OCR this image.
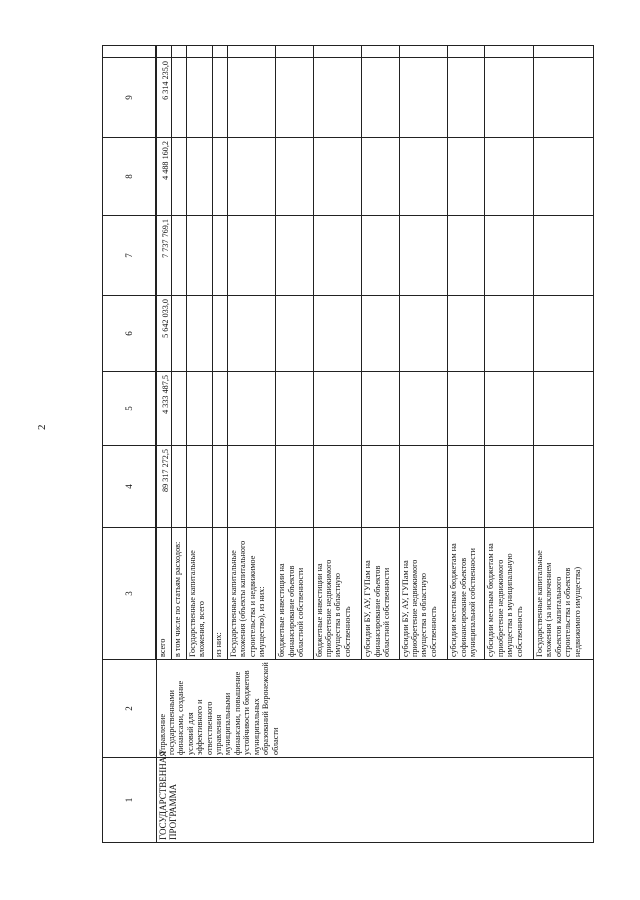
2
1	2	3	4	5	6	7	8	9	
ГОСУДАРСТВЕННАЯ ПРОГРАММА	Управление государственными финансами, создание условий для эффективного и ответственного управления муниципальными финансами, повышение устойчивости бюджетов муниципальных образований Воронежской области	всего	89 317 272,5	4 333 487,5	5 642 033,0	7 737 769,1	4 488 160,2	6 314 235,0	
		в том числе по статьям расходов:							
		Государственные капитальные вложения, всего							
		из них:							
		Государственные капитальные вложения (объекты капитального строительства и недвижимое имущество), из них:							
		бюджетные инвестиции на финансирование объектов областной собственности							
		бюджетные инвестиции на приобретение недвижимого имущества в областную собственность							
		субсидии БУ, АУ, ГУПам на финансирование объектов областной собственности							
		субсидии БУ, АУ, ГУПам на приобретение недвижимого имущества в областную собственность							
		субсидии местным бюджетам на софинансирование объектов муниципальной собственности							
		субсидии местным бюджетам на приобретение недвижимого имущества в муниципальную собственность							
		Государственные капитальные вложения (за исключением объектов капитального строительства и объектов недвижимого имущества)							
